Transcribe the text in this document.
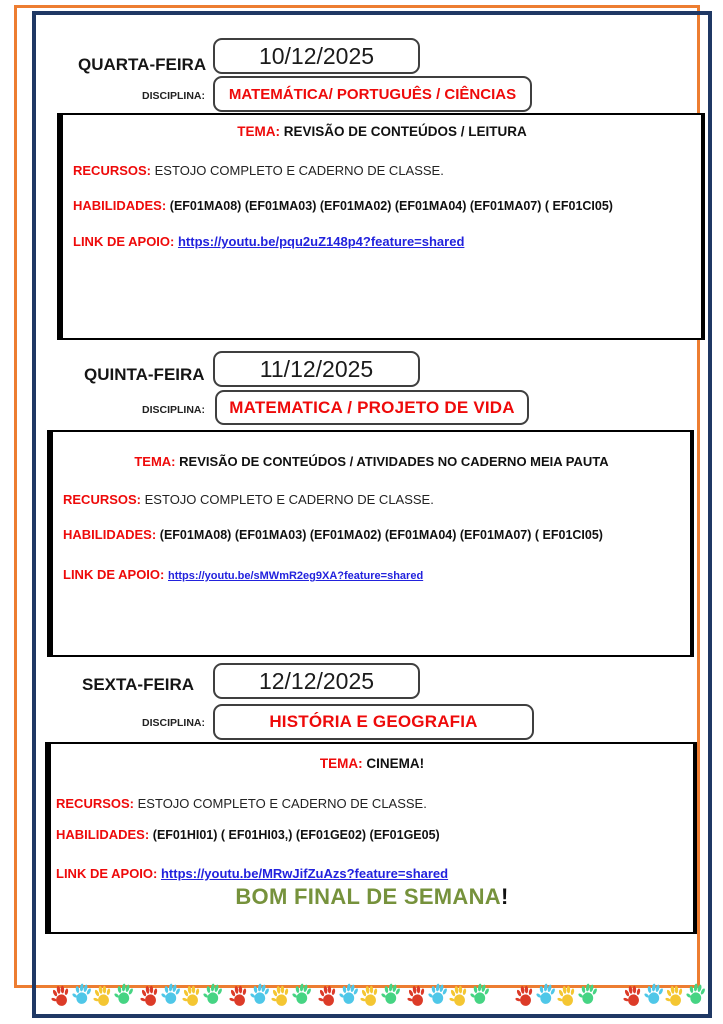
QUARTA-FEIRA 10/12/2025
DISCIPLINA: MATEMÁTICA/ PORTUGUÊS / CIÊNCIAS
TEMA: REVISÃO DE CONTEÚDOS / LEITURA
RECURSOS: ESTOJO COMPLETO E CADERNO DE CLASSE.
HABILIDADES: (EF01MA08) (EF01MA03) (EF01MA02) (EF01MA04) (EF01MA07) ( EF01CI05)
LINK DE APOIO: https://youtu.be/pqu2uZ148p4?feature=shared
QUINTA-FEIRA 11/12/2025
DISCIPLINA: MATEMATICA / PROJETO DE VIDA
TEMA: REVISÃO DE CONTEÚDOS / ATIVIDADES NO CADERNO MEIA PAUTA
RECURSOS: ESTOJO COMPLETO E CADERNO DE CLASSE.
HABILIDADES: (EF01MA08) (EF01MA03) (EF01MA02) (EF01MA04) (EF01MA07) ( EF01CI05)
LINK DE APOIO: https://youtu.be/sMWmR2eg9XA?feature=shared
SEXTA-FEIRA	12/12/2025
DISCIPLINA:	HISTÓRIA E GEOGRAFIA
TEMA: CINEMA!
RECURSOS: ESTOJO COMPLETO E CADERNO DE CLASSE.
HABILIDADES: (EF01HI01) ( EF01HI03,) (EF01GE02) (EF01GE05)
LINK DE APOIO: https://youtu.be/MRwJifZuAzs?feature=shared
BOM FINAL DE SEMANA!
